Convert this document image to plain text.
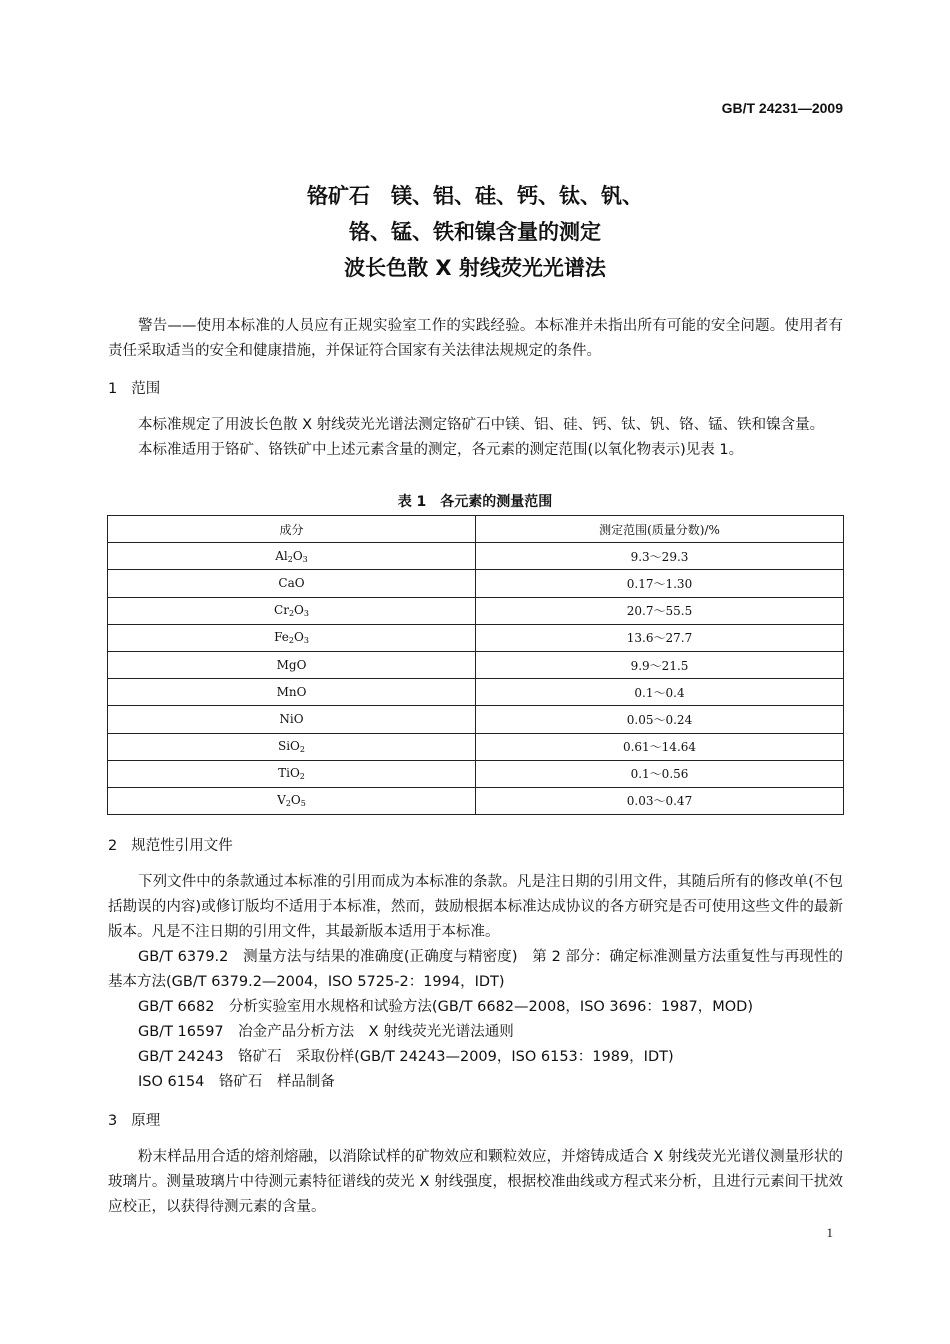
GB/T 24231—2009
铬矿石　镁、铝、硅、钙、钛、钒、
铬、锰、铁和镍含量的测定
波长色散 X 射线荧光光谱法

警告——使用本标准的人员应有正规实验室工作的实践经验。本标准并未指出所有可能的安全问题。使用者有责任采取适当的安全和健康措施，并保证符合国家有关法律法规规定的条件。

1 范围

本标准规定了用波长色散 X 射线荧光光谱法测定铬矿石中镁、铝、硅、钙、钛、钒、铬、锰、铁和镍含量。

本标准适用于铬矿、铬铁矿中上述元素含量的测定，各元素的测定范围(以氧化物表示)见表 1。

表 1　各元素的测量范围
成分	测定范围(质量分数)/%
$Al_2O_3$	9.3～29.3
CaO	0.17～1.30
$Cr_2O_3$	20.7～55.5
$Fe_2O_3$	13.6～27.7
MgO	9.9～21.5
MnO	0.1～0.4
NiO	0.05～0.24
SiO$_2$	0.61～14.64
TiO$_2$	0.1～0.56
$V_2O_5$	0.03～0.47
2 规范性引用文件

下列文件中的条款通过本标准的引用而成为本标准的条款。凡是注日期的引用文件，其随后所有的修改单(不包括勘误的内容)或修订版均不适用于本标准，然而，鼓励根据本标准达成协议的各方研究是否可使用这些文件的最新版本。凡是不注日期的引用文件，其最新版本适用于本标准。

GB/T 6379.2　测量方法与结果的准确度(正确度与精密度)　第 2 部分：确定标准测量方法重复性与再现性的基本方法(GB/T 6379.2—2004，ISO 5725-2：1994，IDT)

GB/T 6682　分析实验室用水规格和试验方法(GB/T 6682—2008，ISO 3696：1987，MOD)

GB/T 16597　冶金产品分析方法　X 射线荧光光谱法通则

GB/T 24243　铬矿石　采取份样(GB/T 24243—2009，ISO 6153：1989，IDT)

ISO 6154　铬矿石　样品制备

3 原理

粉末样品用合适的熔剂熔融，以消除试样的矿物效应和颗粒效应，并熔铸成适合 X 射线荧光光谱仪测量形状的玻璃片。测量玻璃片中待测元素特征谱线的荧光 X 射线强度，根据校准曲线或方程式来分析，且进行元素间干扰效应校正，以获得待测元素的含量。

1
